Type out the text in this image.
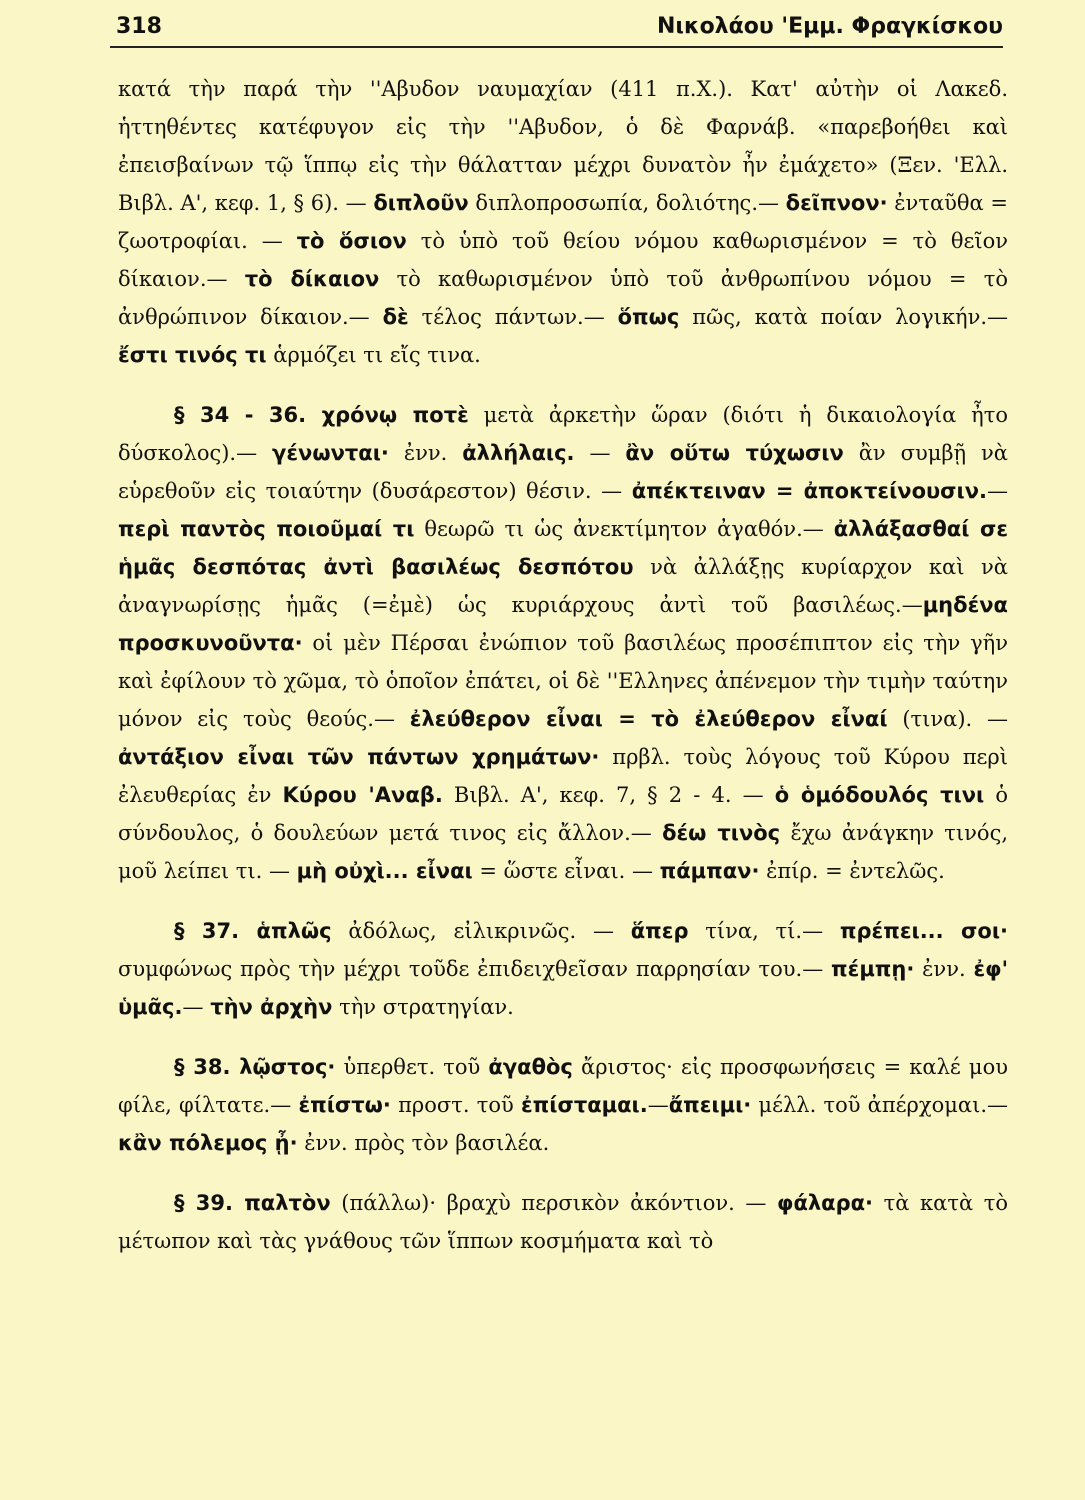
318	Νικολάου 'Εμμ. Φραγκίσκου

κατά τὴν παρά τὴν ''Αβυδον ναυμαχίαν (411 π.Χ.). Κατ' αὐτὴν οἱ Λακεδ. ἡττηθέντες κατέφυγον εἰς τὴν ''Αβυδον, ὁ δὲ Φαρνάβ. «παρεβοήθει καὶ ἐπεισβαίνων τῷ ἵππῳ εἰς τὴν θάλατταν μέχρι δυνατὸν ἦν ἐμάχετο» (Ξεν. 'Ελλ. Βιβλ. Α', κεφ. 1, § 6). — διπλοῦν διπλοπροσωπία, δολιότης.— δεῖπνον· ἐνταῦθα = ζωοτροφίαι. — τὸ ὅσιον τὸ ὑπὸ τοῦ θείου νόμου καθωρισμένον = τὸ θεῖον δίκαιον.— τὸ δίκαιον τὸ καθωρισμένον ὑπὸ τοῦ ἀνθρωπίνου νόμου = τὸ ἀνθρώπινον δίκαιον.— δὲ τέλος πάντων.— ὅπως πῶς, κατὰ ποίαν λογικήν.— ἔστι τινός τι ἁρμόζει τι εἴς τινα.

§ 34 - 36. χρόνῳ ποτὲ μετὰ ἀρκετὴν ὥραν (διότι ἡ δικαιολογία ἦτο δύσκολος).— γένωνται· ἐνν. ἀλλήλαις. — ἂν οὕτω τύχωσιν ἂν συμβῇ νὰ εὑρεθοῦν εἰς τοιαύτην (δυσάρεστον) θέσιν. — ἀπέκτειναν = ἀποκτείνουσιν.— περὶ παντὸς ποιοῦμαί τι θεωρῶ τι ὡς ἀνεκτίμητον ἀγαθόν.— ἀλλάξασθαί σε ἡμᾶς δεσπότας ἀντὶ βασιλέως δεσπότου νὰ ἀλλάξῃς κυρίαρχον καὶ νὰ ἀναγνωρίσῃς ἡμᾶς (=ἐμὲ) ὡς κυριάρχους ἀντὶ τοῦ βασιλέως.—μηδένα προσκυνοῦντα· οἱ μὲν Πέρσαι ἐνώπιον τοῦ βασιλέως προσέπιπτον εἰς τὴν γῆν καὶ ἐφίλουν τὸ χῶμα, τὸ ὁποῖον ἐπάτει, οἱ δὲ ''Ελληνες ἀπένεμον τὴν τιμὴν ταύτην μόνον εἰς τοὺς θεούς.— ἐλεύθερον εἶναι = τὸ ἐλεύθερον εἶναί (τινα). — ἀντάξιον εἶναι τῶν πάντων χρημάτων· πρβλ. τοὺς λόγους τοῦ Κύρου περὶ ἐλευθερίας ἐν Κύρου 'Αναβ. Βιβλ. Α', κεφ. 7, § 2 - 4. — ὁ ὁμόδουλός τινι ὁ σύνδουλος, ὁ δουλεύων μετά τινος εἰς ἄλλον.— δέω τινὸς ἔχω ἀνάγκην τινός, μοῦ λείπει τι. — μὴ οὐχὶ... εἶναι = ὥστε εἶναι. — πάμπαν· ἐπίρ. = ἐντελῶς.

§ 37. ἁπλῶς ἀδόλως, εἰλικρινῶς. — ἅπερ τίνα, τί.— πρέπει... σοι· συμφώνως πρὸς τὴν μέχρι τοῦδε ἐπιδειχθεῖσαν παρρησίαν του.— πέμπῃ· ἐνν. ἐφ' ὑμᾶς.— τὴν ἀρχὴν τὴν στρατηγίαν.

§ 38. λῷστος· ὑπερθετ. τοῦ ἀγαθὸς ἄριστος· εἰς προσφωνήσεις = καλέ μου φίλε, φίλτατε.— ἐπίστω· προστ. τοῦ ἐπίσταμαι.—ἄπειμι· μέλλ. τοῦ ἀπέρχομαι.— κἂν πόλεμος ᾖ· ἐνν. πρὸς τὸν βασιλέα.

§ 39. παλτὸν (πάλλω)· βραχὺ περσικὸν ἀκόντιον. — φάλαρα· τὰ κατὰ τὸ μέτωπον καὶ τὰς γνάθους τῶν ἵππων κοσμήματα καὶ τὸ
